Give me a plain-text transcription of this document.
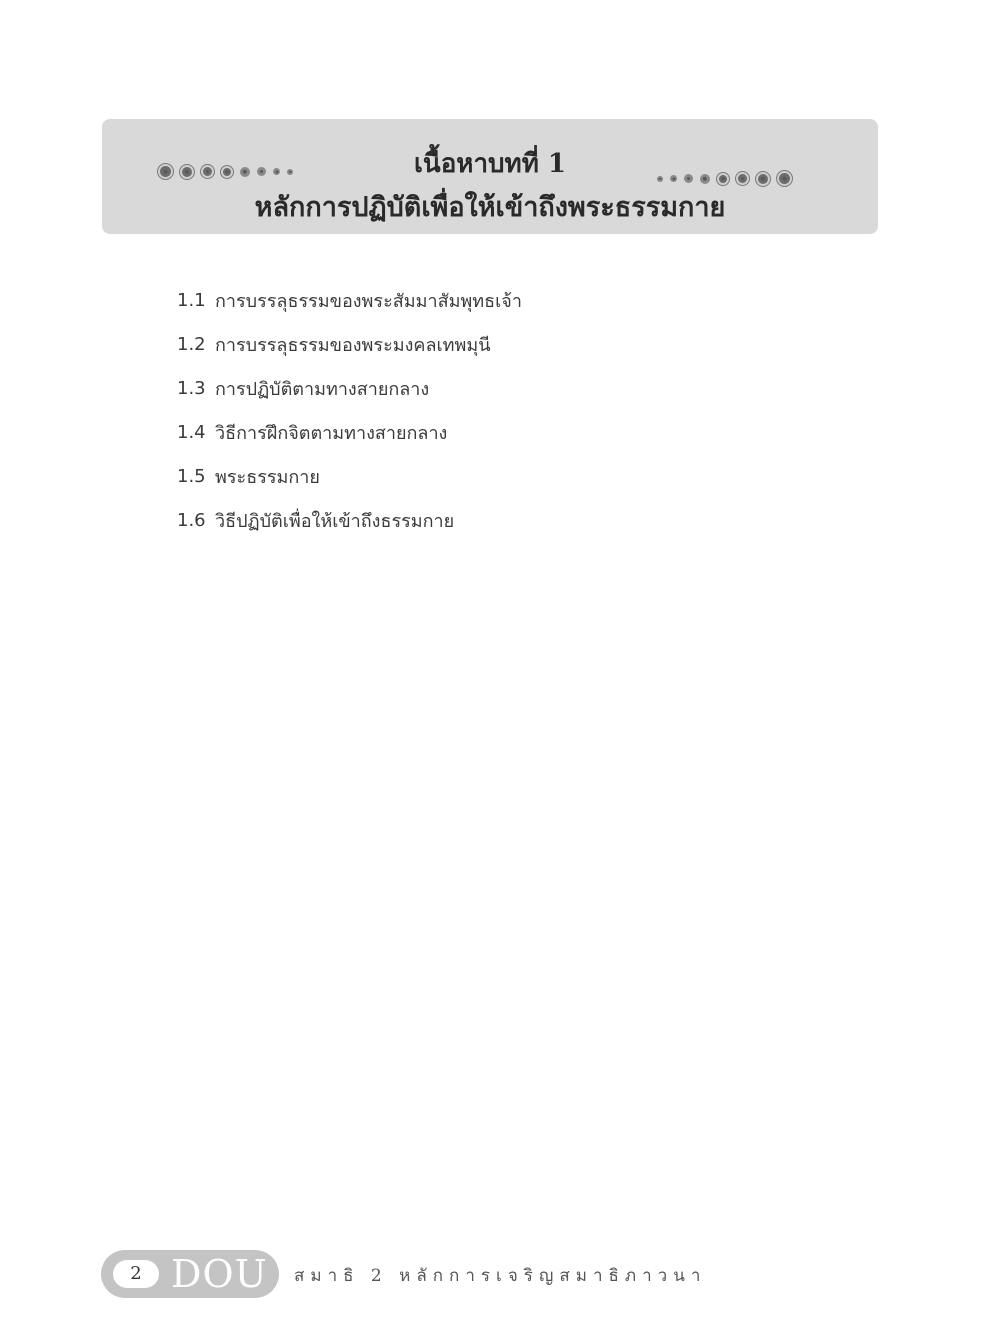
เนื้อหาบทที่ 1
หลักการปฏิบัติเพื่อให้เข้าถึงพระธรรมกาย
1.1 การบรรลุธรรมของพระสัมมาสัมพุทธเจ้า
1.2 การบรรลุธรรมของพระมงคลเทพมุนี
1.3 การปฏิบัติตามทางสายกลาง
1.4 วิธีการฝึกจิตตามทางสายกลาง
1.5 พระธรรมกาย
1.6 วิธีปฏิบัติเพื่อให้เข้าถึงธรรมกาย
2 DOU สมาธิ 2 หลักการเจริญสมาธิภาวนา
